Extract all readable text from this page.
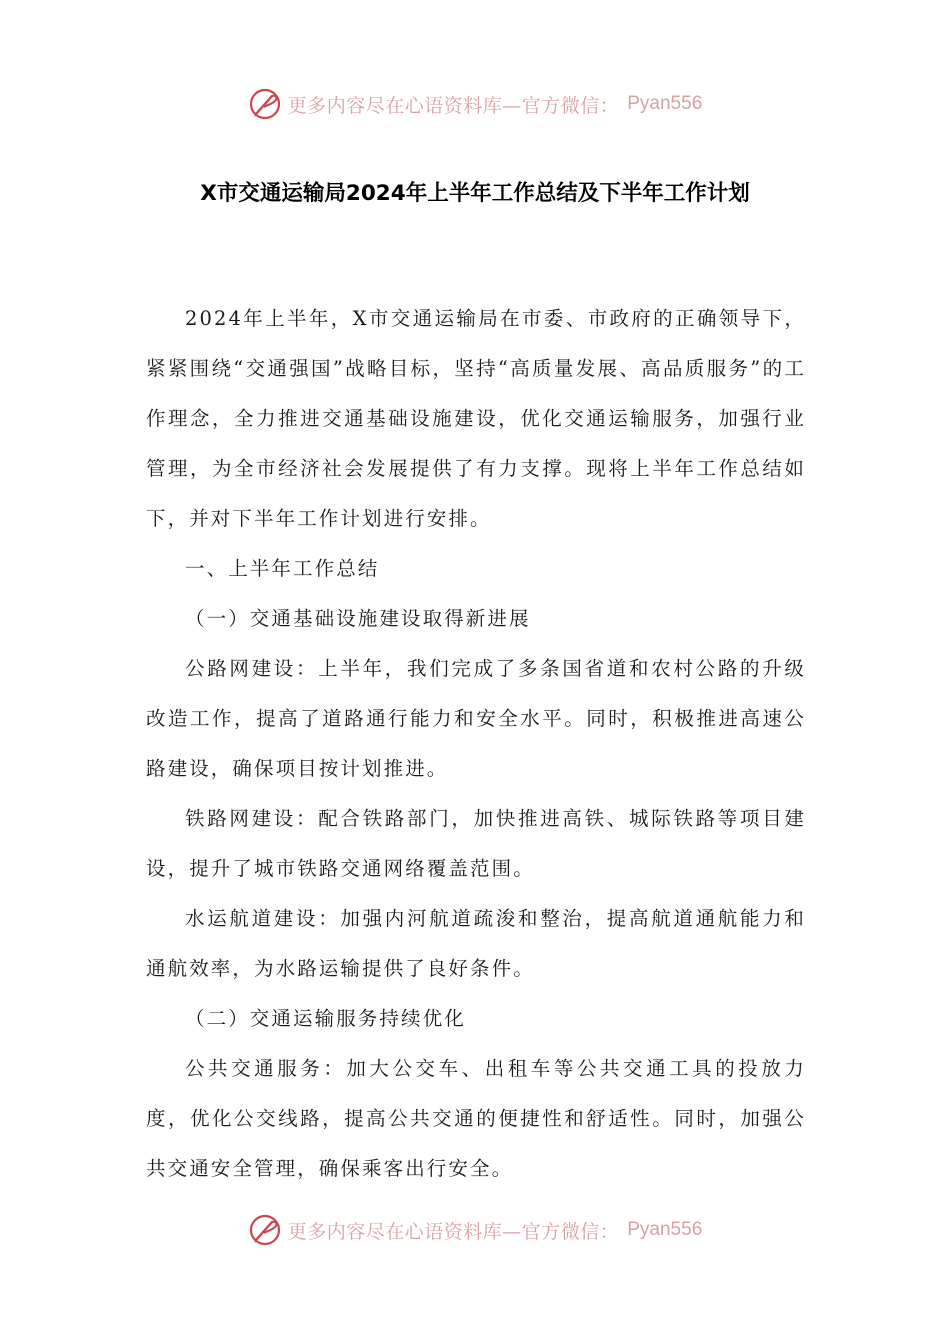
更多内容尽在心语资料库—官方微信： Pyan556
X市交通运输局2024年上半年工作总结及下半年工作计划

2024年上半年，X市交通运输局在市委、市政府的正确领导下，紧紧围绕“交通强国”战略目标，坚持“高质量发展、高品质服务”的工作理念，全力推进交通基础设施建设，优化交通运输服务，加强行业管理，为全市经济社会发展提供了有力支撑。现将上半年工作总结如下，并对下半年工作计划进行安排。

一、上半年工作总结

（一）交通基础设施建设取得新进展

公路网建设：上半年，我们完成了多条国省道和农村公路的升级改造工作，提高了道路通行能力和安全水平。同时，积极推进高速公路建设，确保项目按计划推进。

铁路网建设：配合铁路部门，加快推进高铁、城际铁路等项目建设，提升了城市铁路交通网络覆盖范围。

水运航道建设：加强内河航道疏浚和整治，提高航道通航能力和通航效率，为水路运输提供了良好条件。

（二）交通运输服务持续优化

公共交通服务：加大公交车、出租车等公共交通工具的投放力度，优化公交线路，提高公共交通的便捷性和舒适性。同时，加强公共交通安全管理，确保乘客出行安全。

更多内容尽在心语资料库—官方微信： Pyan556
